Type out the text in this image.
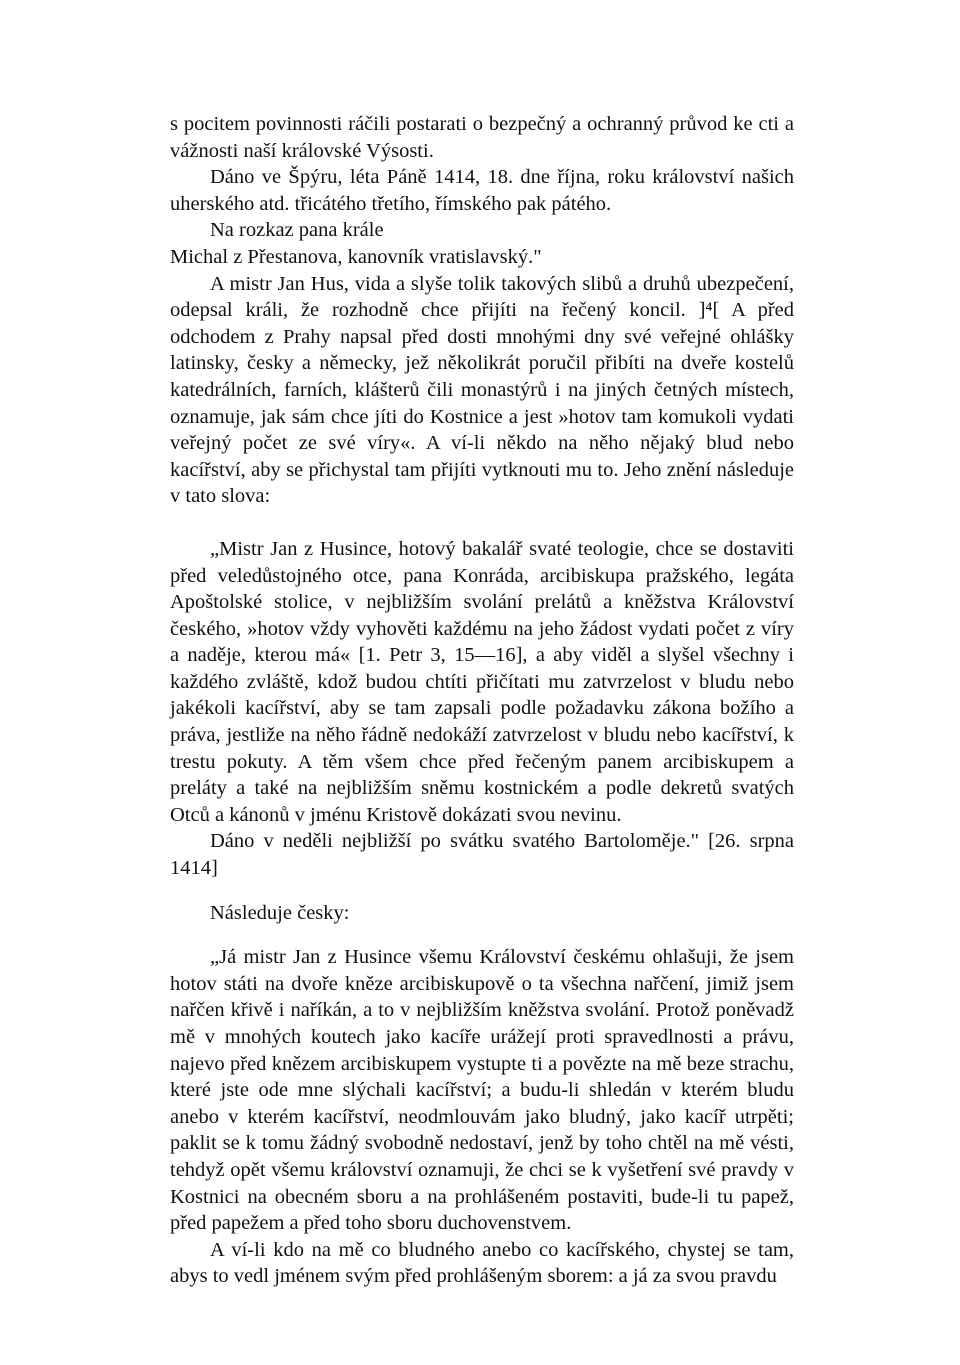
s pocitem povinnosti ráčili postarati o bezpečný a ochranný průvod ke cti a vážnosti naší královské Výsosti.

Dáno ve Špýru, léta Páně 1414, 18. dne října, roku království našich uherského atd. třicátého třetího, římského pak pátého.

Na rozkaz pana krále

Michal z Přestanova, kanovník vratislavský."

A mistr Jan Hus, vida a slyše tolik takových slibů a druhů ubezpečení, odepsal králi, že rozhodně chce přijíti na řečený koncil. ]⁴[ A před odchodem z Prahy napsal před dosti mnohými dny své veřejné ohlášky latinsky, česky a německy, jež několikrát poručil přibíti na dveře kostelů katedrálních, farních, klášterů čili monastýrů i na jiných četných místech, oznamuje, jak sám chce jíti do Kostnice a jest »hotov tam komukoli vydati veřejný počet ze své víry«. A ví-li někdo na něho nějaký blud nebo kacířství, aby se přichystal tam přijíti vytknouti mu to. Jeho znění následuje v tato slova:

„Mistr Jan z Husince, hotový bakalář svaté teologie, chce se dostaviti před veledůstojného otce, pana Konráda, arcibiskupa pražského, legáta Apoštolské stolice, v nejbližším svolání prelátů a kněžstva Království českého, »hotov vždy vyhověti každému na jeho žádost vydati počet z víry a naděje, kterou má« [1. Petr 3, 15—16], a aby viděl a slyšel všechny i každého zvláště, kdož budou chtíti přičítati mu zatvrzelost v bludu nebo jakékoli kacířství, aby se tam zapsali podle požadavku zákona božího a práva, jestliže na něho řádně nedokáží zatvrzelost v bludu nebo kacířství, k trestu pokuty. A těm všem chce před řečeným panem arcibiskupem a preláty a také na nejbližším sněmu kostnickém a podle dekretů svatých Otců a kánonů v jménu Kristově dokázati svou nevinu.

Dáno v neděli nejbližší po svátku svatého Bartoloměje." [26. srpna 1414]

Následuje česky:

„Já mistr Jan z Husince všemu Království českému ohlašuji, že jsem hotov státi na dvoře kněze arcibiskupově o ta všechna nařčení, jimiž jsem nařčen křivě i naříkán, a to v nejbližším kněžstva svolání. Protož poněvadž mě v mnohých koutech jako kacíře urážejí proti spravedlnosti a právu, najevo před knězem arcibiskupem vystupte ti a povězte na mě beze strachu, které jste ode mne slýchali kacířství; a budu-li shledán v kterém bludu anebo v kterém kacířství, neodmlouvám jako bludný, jako kacíř utrpěti; paklit se k tomu žádný svobodně nedostaví, jenž by toho chtěl na mě vésti, tehdyž opět všemu království oznamuji, že chci se k vyšetření své pravdy v Kostnici na obecném sboru a na prohlášeném postaviti, bude-li tu papež, před papežem a před toho sboru duchovenstvem.

A ví-li kdo na mě co bludného anebo co kacířského, chystej se tam, abys to vedl jménem svým před prohlášeným sborem: a já za svou pravdu
